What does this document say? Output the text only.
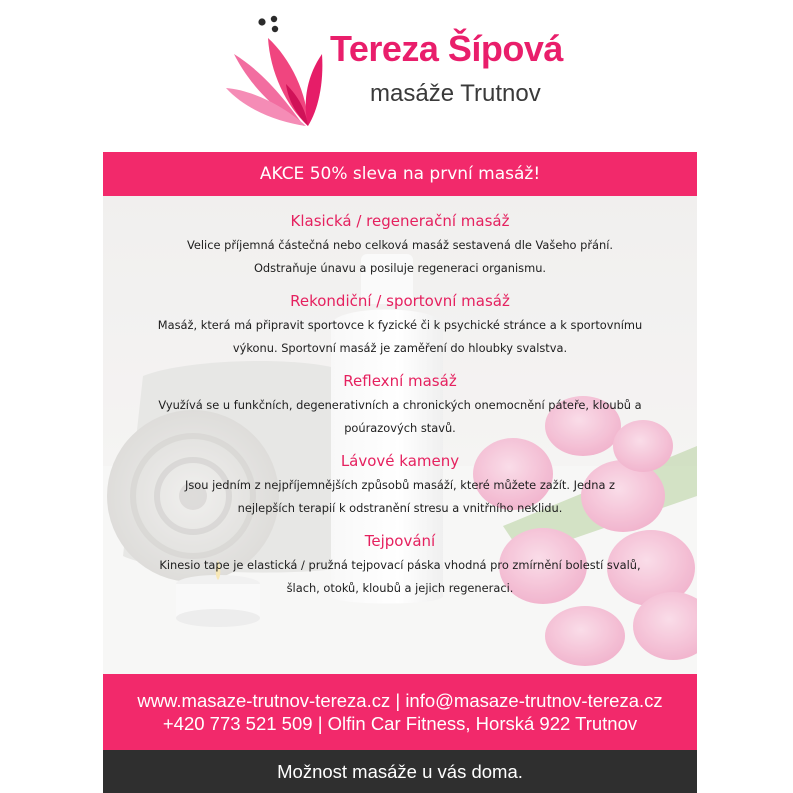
Tereza Šípová
masáže Trutnov
AKCE 50% sleva na první masáž!
Klasická / regenerační masáž

Velice příjemná částečná nebo celková masáž sestavená dle Vašeho přání.
Odstraňuje únavu a posiluje regeneraci organismu.

Rekondiční / sportovní masáž

Masáž, která má připravit sportovce k fyzické či k psychické stránce a k sportovnímu
výkonu. Sportovní masáž je zaměření do hloubky svalstva.

Reflexní masáž

Využívá se u funkčních, degenerativních a chronických onemocnění páteře, kloubů a
poúrazových stavů.

Lávové kameny

Jsou jedním z nejpříjemnějších způsobů masáží, které můžete zažít. Jedna z
nejlepších terapií k odstranění stresu a vnitřního neklidu.

Tejpování

Kinesio tape je elastická / pružná tejpovací páska vhodná pro zmírnění bolestí svalů,
šlach, otoků, kloubů a jejich regeneraci.

www.masaze-trutnov-tereza.cz | info@masaze-trutnov-tereza.cz
+420 773 521 509 | Olfin Car Fitness, Horská 922 Trutnov
Možnost masáže u vás doma.
